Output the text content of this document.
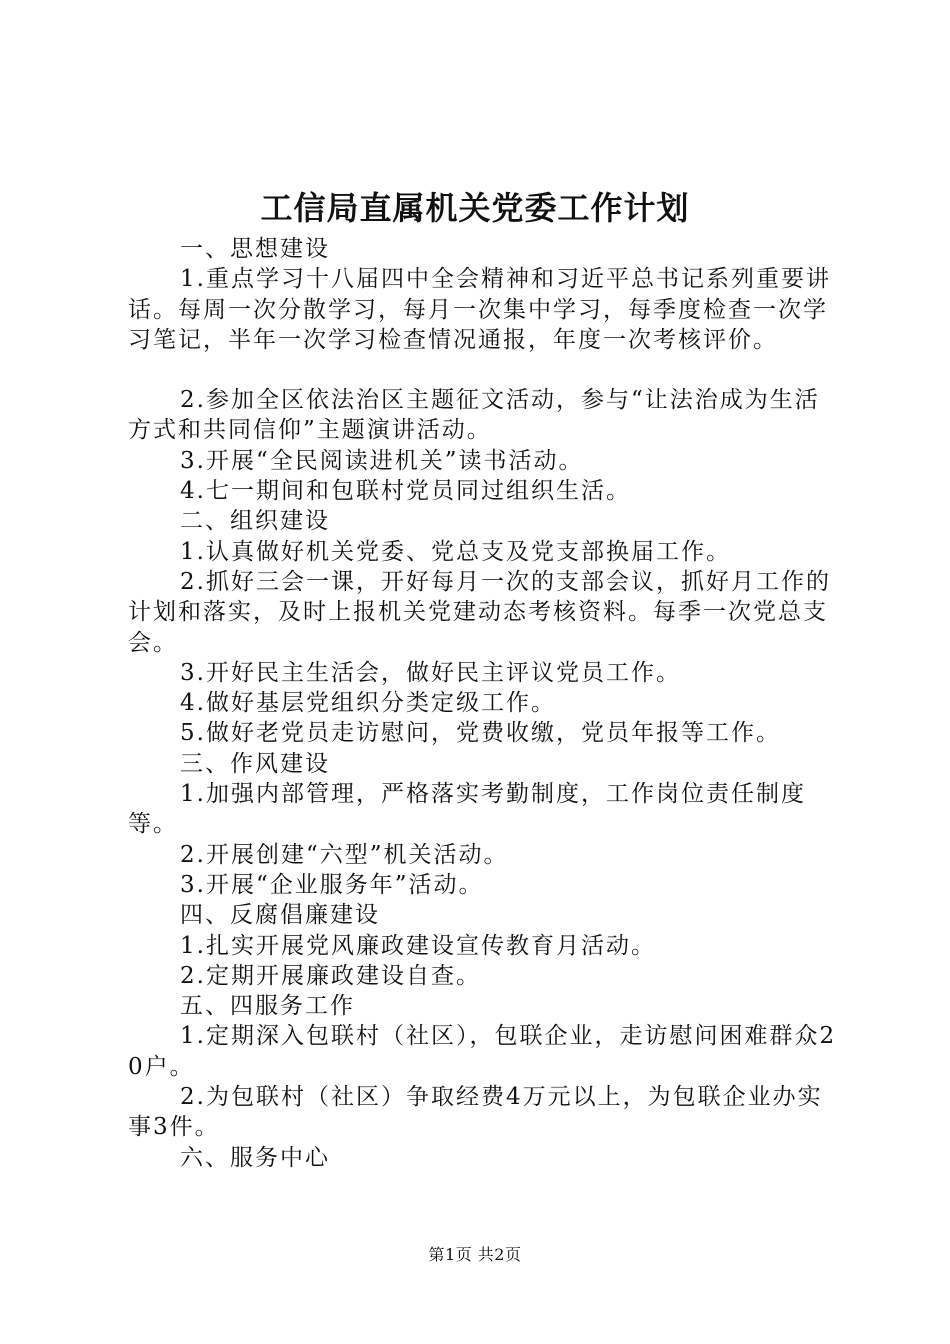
工信局直属机关党委工作计划

一、思想建设

1.重点学习十八届四中全会精神和习近平总书记系列重要讲话。每周一次分散学习，每月一次集中学习，每季度检查一次学习笔记，半年一次学习检查情况通报，年度一次考核评价。

2.参加全区依法治区主题征文活动，参与“让法治成为生活方式和共同信仰”主题演讲活动。

3.开展“全民阅读进机关”读书活动。

4.七一期间和包联村党员同过组织生活。

二、组织建设

1.认真做好机关党委、党总支及党支部换届工作。

2.抓好三会一课，开好每月一次的支部会议，抓好月工作的计划和落实，及时上报机关党建动态考核资料。每季一次党总支会。

3.开好民主生活会，做好民主评议党员工作。

4.做好基层党组织分类定级工作。

5.做好老党员走访慰问，党费收缴，党员年报等工作。

三、作风建设

1.加强内部管理，严格落实考勤制度，工作岗位责任制度等。

2.开展创建“六型”机关活动。

3.开展“企业服务年”活动。

四、反腐倡廉建设

1.扎实开展党风廉政建设宣传教育月活动。

2.定期开展廉政建设自查。

五、四服务工作

1.定期深入包联村（社区），包联企业，走访慰问困难群众20户。

2.为包联村（社区）争取经费4万元以上，为包联企业办实事3件。

六、服务中心

第1页 共2页
